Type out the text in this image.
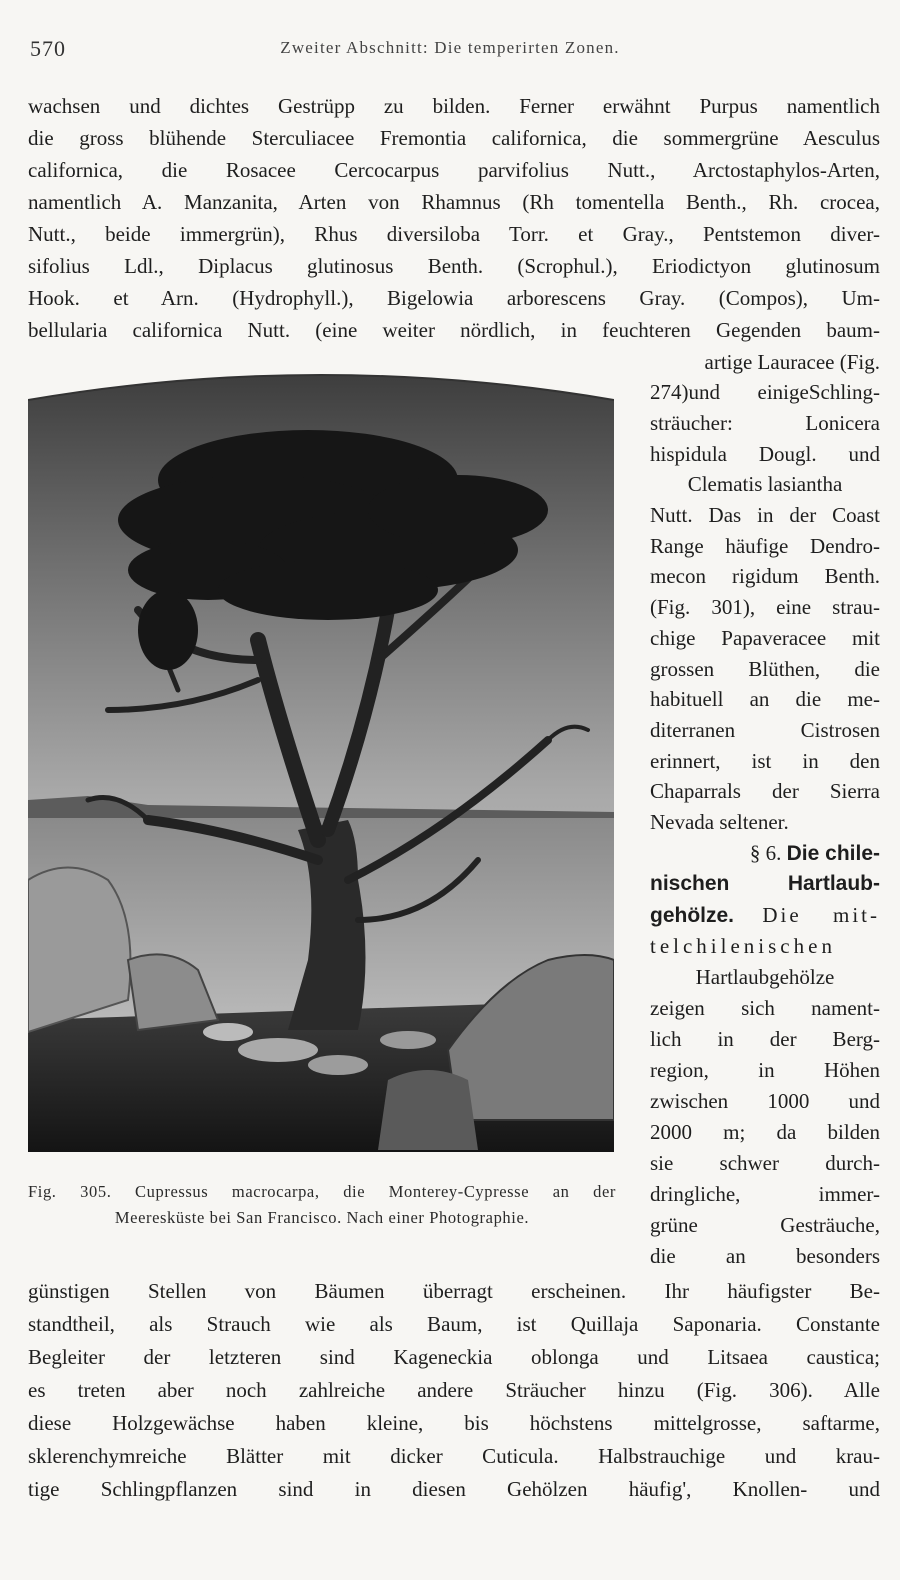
570	Zweiter Abschnitt: Die temperirten Zonen.
wachsen und dichtes Gestrüpp zu bilden. Ferner erwähnt Purpus namentlich
die gross blühende Sterculiacee Fremontia californica, die sommergrüne Aesculus
californica, die Rosacee Cercocarpus parvifolius Nutt., Arctostaphylos-Arten,
namentlich A. Manzanita, Arten von Rhamnus (Rh tomentella Benth., Rh. crocea,
Nutt., beide immergrün), Rhus diversiloba Torr. et Gray., Pentstemon diver-
sifolius Ldl., Diplacus glutinosus Benth. (Scrophul.), Eriodictyon glutinosum
Hook. et Arn. (Hydrophyll.), Bigelowia arborescens Gray. (Compos), Um-
bellularia californica Nutt. (eine weiter nördlich, in feuchteren Gegenden baum-
Fig. 305. Cupressus macrocarpa, die Monterey-Cypresse an der
Meeresküste bei San Francisco. Nach einer Photographie.
artige Lauracee (Fig.
274)und einigeSchling-
sträucher: Lonicera
hispidula Dougl. und
Clematis lasiantha
Nutt. Das in der Coast
Range häufige Dendro-
mecon rigidum Benth.
(Fig. 301), eine strau-
chige Papaveracee mit
grossen Blüthen, die
habituell an die me-
diterranen Cistrosen
erinnert, ist in den
Chaparrals der Sierra
Nevada seltener.
§ 6. Die chile-
nischen Hartlaub-
gehölze. Die mit-
telchilenischen
Hartlaubgehölze
zeigen sich nament-
lich in der Berg-
region, in Höhen
zwischen 1000 und
2000 m; da bilden
sie schwer durch-
dringliche, immer-
grüne Gesträuche,
die an besonders
günstigen Stellen von Bäumen überragt erscheinen. Ihr häufigster Be-
standtheil, als Strauch wie als Baum, ist Quillaja Saponaria. Constante
Begleiter der letzteren sind Kageneckia oblonga und Litsaea caustica;
es treten aber noch zahlreiche andere Sträucher hinzu (Fig. 306). Alle
diese Holzgewächse haben kleine, bis höchstens mittelgrosse, saftarme,
sklerenchymreiche Blätter mit dicker Cuticula. Halbstrauchige und krau-
tige Schlingpflanzen sind in diesen Gehölzen häufig', Knollen- und
